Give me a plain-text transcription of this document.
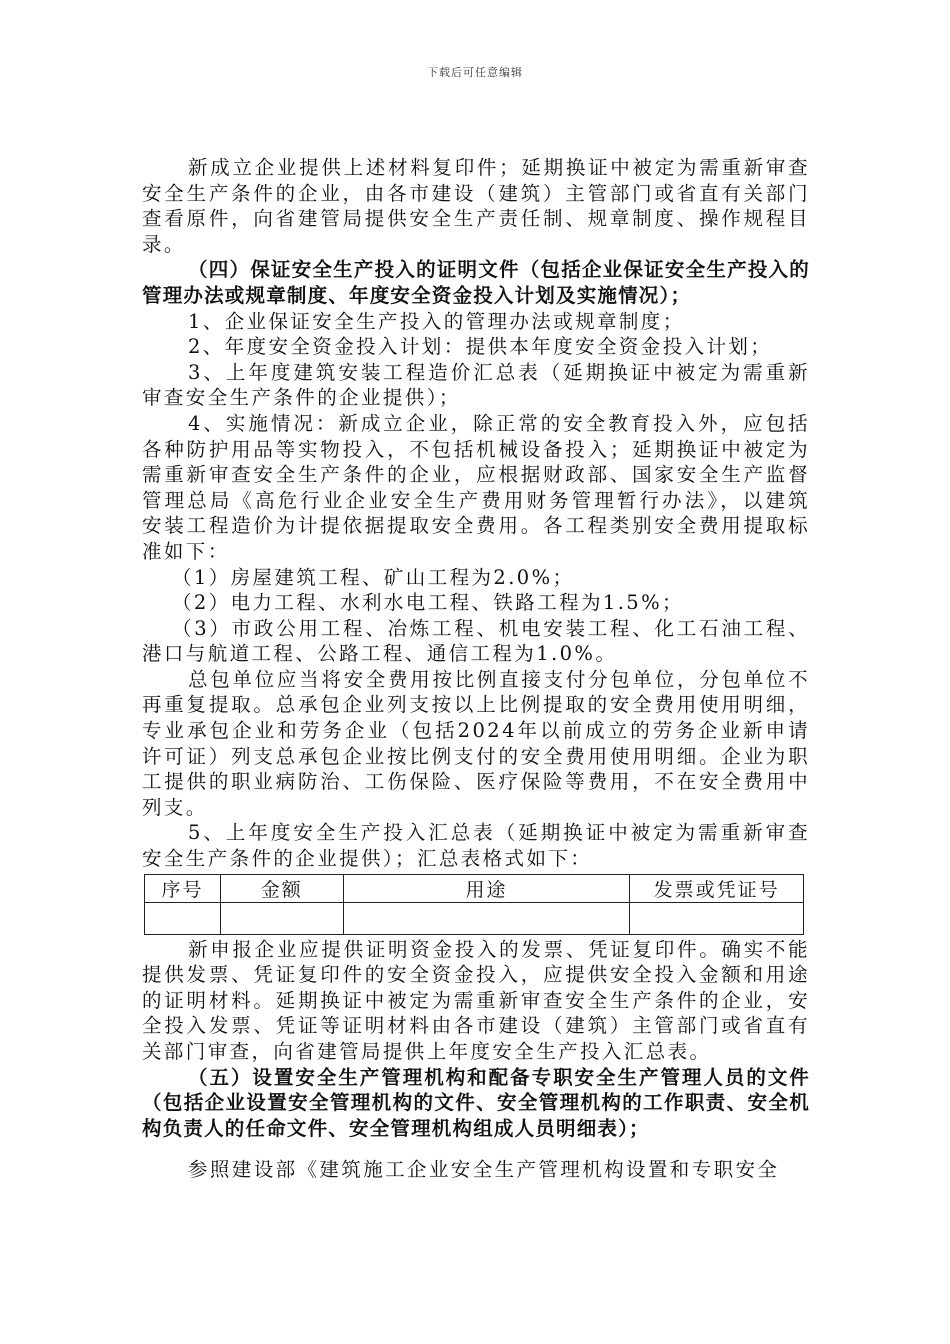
下载后可任意编辑

新成立企业提供上述材料复印件；延期换证中被定为需重新审查安全生产条件的企业，由各市建设（建筑）主管部门或省直有关部门查看原件，向省建管局提供安全生产责任制、规章制度、操作规程目录。

（四）保证安全生产投入的证明文件（包括企业保证安全生产投入的管理办法或规章制度、年度安全资金投入计划及实施情况）；

1、企业保证安全生产投入的管理办法或规章制度；

2、年度安全资金投入计划：提供本年度安全资金投入计划；

3、上年度建筑安装工程造价汇总表（延期换证中被定为需重新审查安全生产条件的企业提供）；

4、实施情况：新成立企业，除正常的安全教育投入外，应包括各种防护用品等实物投入，不包括机械设备投入；延期换证中被定为需重新审查安全生产条件的企业，应根据财政部、国家安全生产监督管理总局《高危行业企业安全生产费用财务管理暂行办法》，以建筑安装工程造价为计提依据提取安全费用。各工程类别安全费用提取标准如下：

（1）房屋建筑工程、矿山工程为2.0%；

（2）电力工程、水利水电工程、铁路工程为1.5%；

（3）市政公用工程、冶炼工程、机电安装工程、化工石油工程、港口与航道工程、公路工程、通信工程为1.0%。

总包单位应当将安全费用按比例直接支付分包单位，分包单位不再重复提取。总承包企业列支按以上比例提取的安全费用使用明细，专业承包企业和劳务企业（包括2024年以前成立的劳务企业新申请许可证）列支总承包企业按比例支付的安全费用使用明细。企业为职工提供的职业病防治、工伤保险、医疗保险等费用，不在安全费用中列支。

5、上年度安全生产投入汇总表（延期换证中被定为需重新审查安全生产条件的企业提供）；汇总表格式如下：

序号	金额	用途	发票或凭证号

新申报企业应提供证明资金投入的发票、凭证复印件。确实不能提供发票、凭证复印件的安全资金投入，应提供安全投入金额和用途的证明材料。延期换证中被定为需重新审查安全生产条件的企业，安全投入发票、凭证等证明材料由各市建设（建筑）主管部门或省直有关部门审查，向省建管局提供上年度安全生产投入汇总表。

（五）设置安全生产管理机构和配备专职安全生产管理人员的文件（包括企业设置安全管理机构的文件、安全管理机构的工作职责、安全机构负责人的任命文件、安全管理机构组成人员明细表）；

参照建设部《建筑施工企业安全生产管理机构设置和专职安全
